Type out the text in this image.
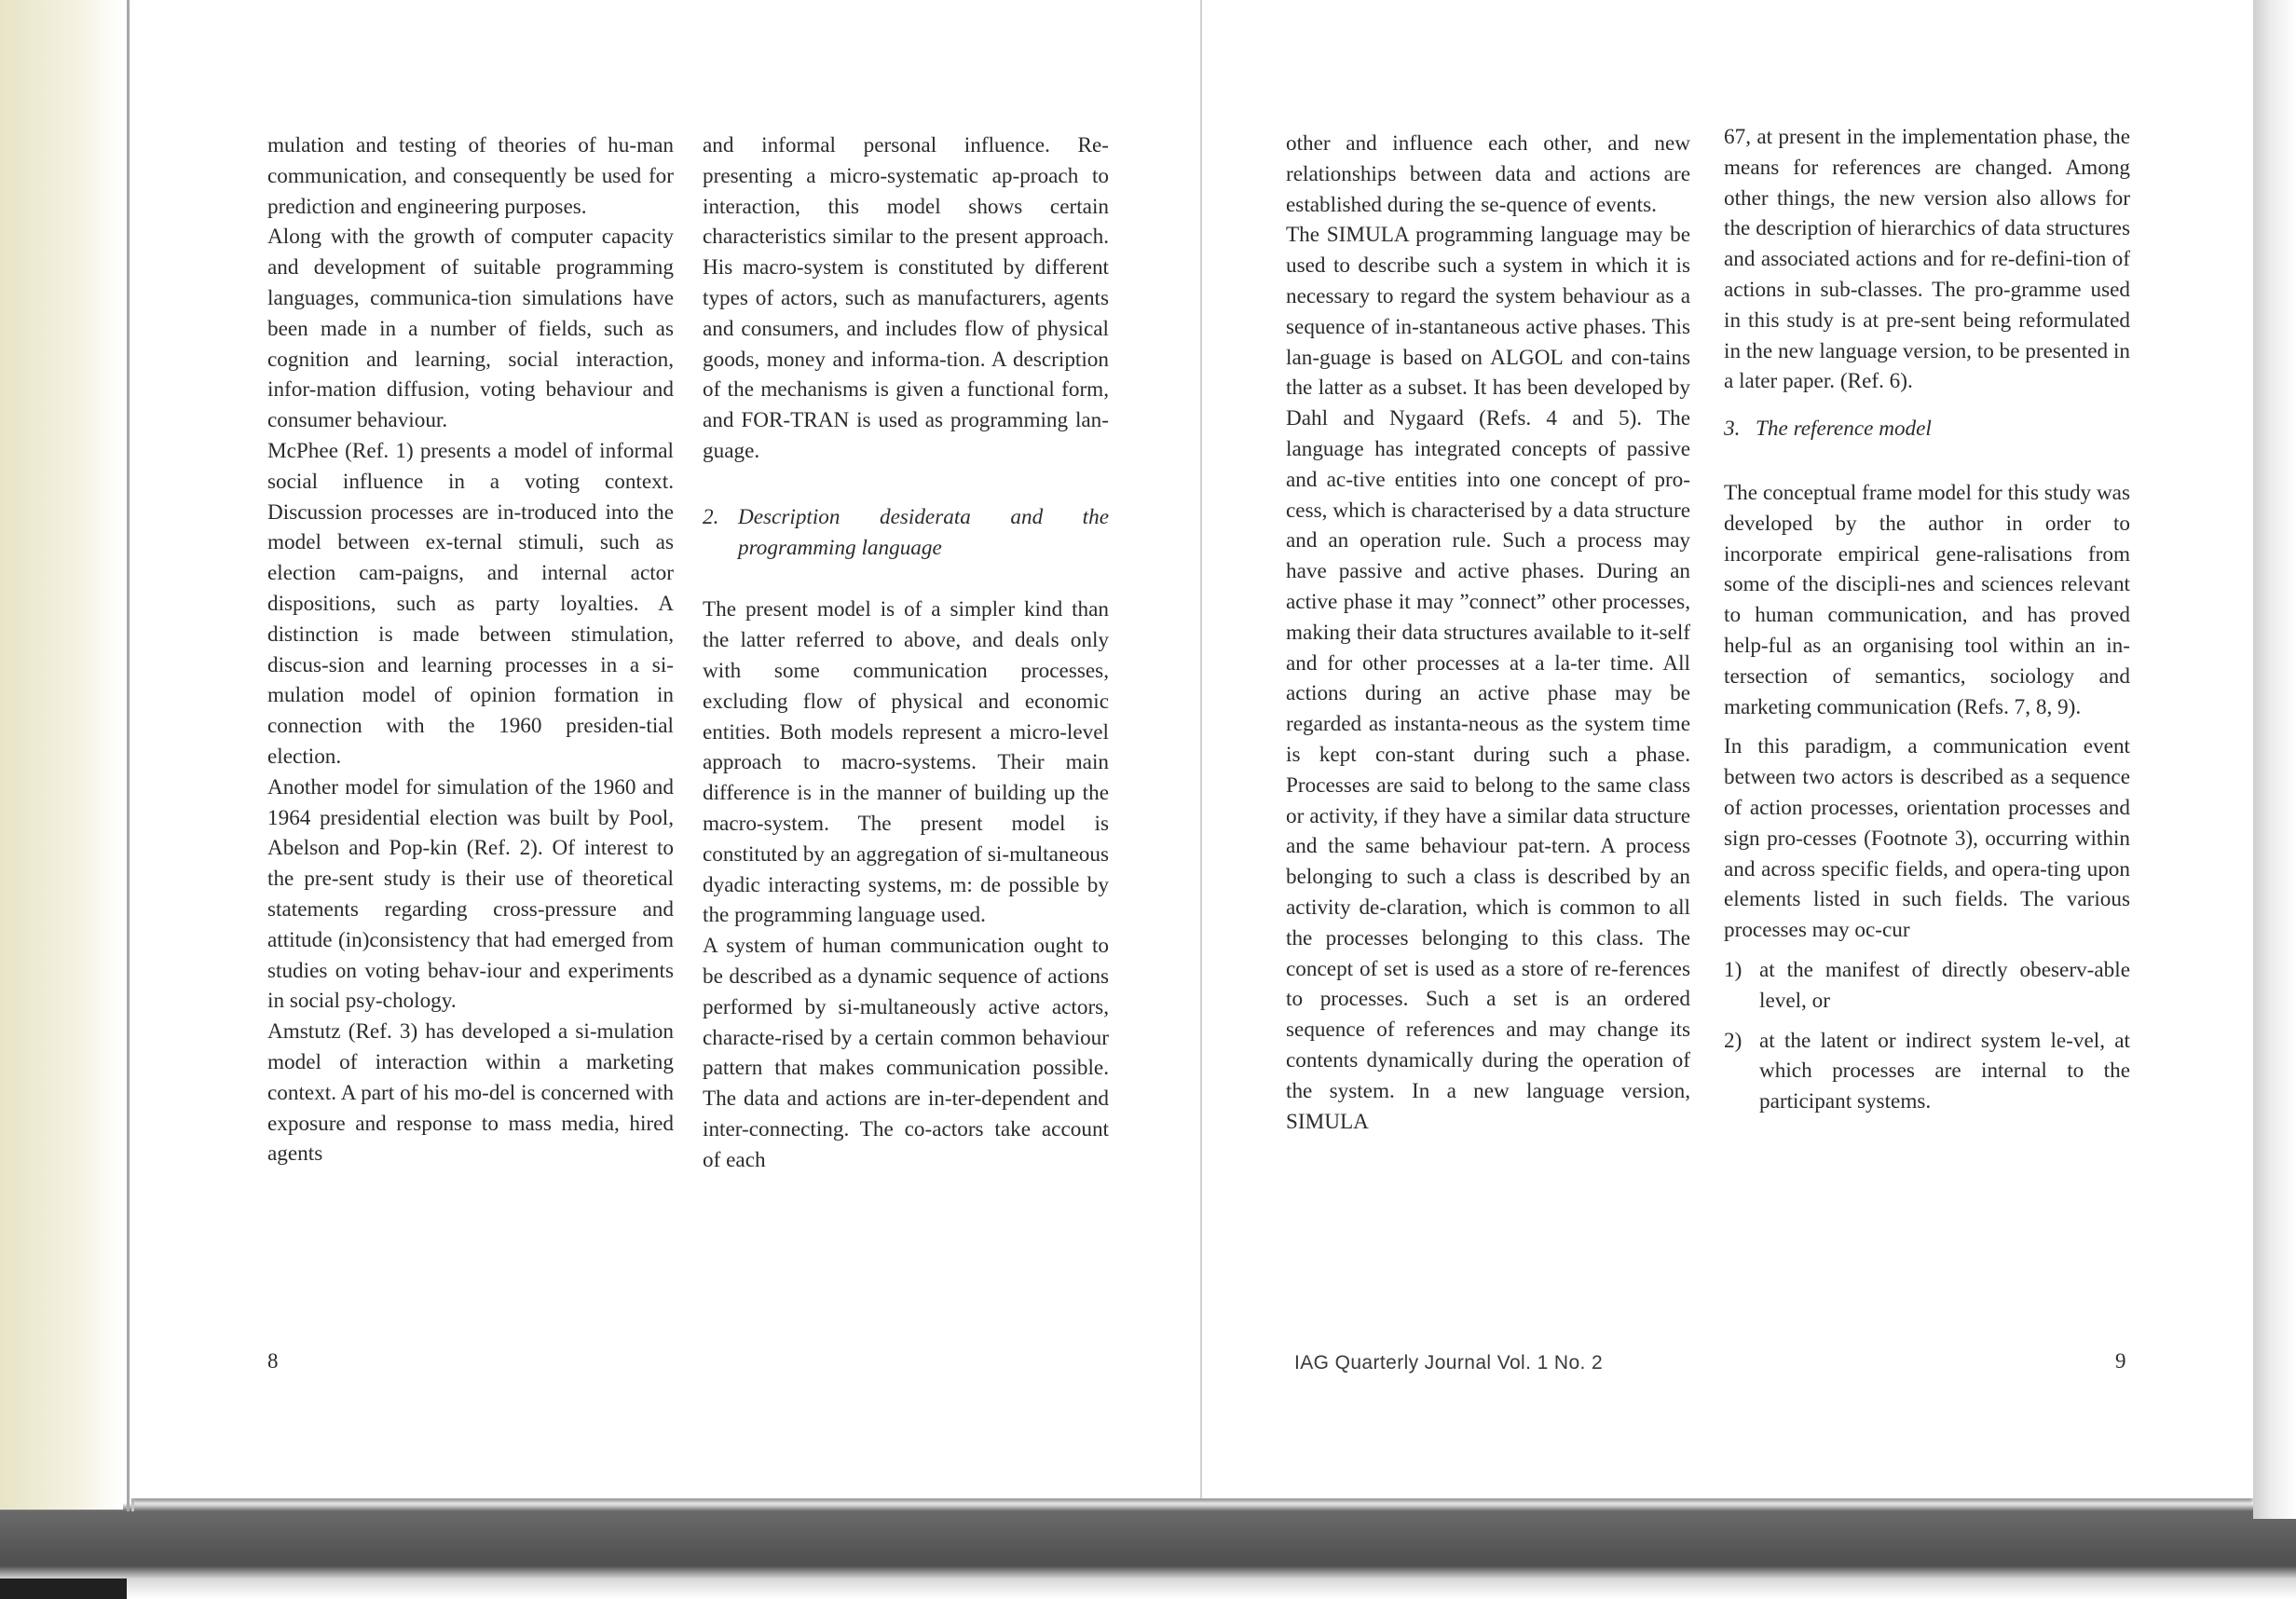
mulation and testing of theories of hu-man communication, and consequently be used for prediction and engineering purposes.

Along with the growth of computer capacity and development of suitable programming languages, communica-tion simulations have been made in a number of fields, such as cognition and learning, social interaction, infor-mation diffusion, voting behaviour and consumer behaviour.

McPhee (Ref. 1) presents a model of informal social influence in a voting context. Discussion processes are in-troduced into the model between ex-ternal stimuli, such as election cam-paigns, and internal actor dispositions, such as party loyalties. A distinction is made between stimulation, discus-sion and learning processes in a si-mulation model of opinion formation in connection with the 1960 presiden-tial election.

Another model for simulation of the 1960 and 1964 presidential election was built by Pool, Abelson and Pop-kin (Ref. 2). Of interest to the pre-sent study is their use of theoretical statements regarding cross-pressure and attitude (in)consistency that had emerged from studies on voting behav-iour and experiments in social psy-chology.

Amstutz (Ref. 3) has developed a si-mulation model of interaction within a marketing context. A part of his mo-del is concerned with exposure and response to mass media, hired agents

and informal personal influence. Re-presenting a micro-systematic ap-proach to interaction, this model shows certain characteristics similar to the present approach. His macro-system is constituted by different types of actors, such as manufacturers, agents and consumers, and includes flow of physical goods, money and informa-tion. A description of the mechanisms is given a functional form, and FOR-TRAN is used as programming lan-guage.

2. Description desiderata and the programming language

The present model is of a simpler kind than the latter referred to above, and deals only with some communication processes, excluding flow of physical and economic entities. Both models represent a micro-level approach to macro-systems. Their main difference is in the manner of building up the macro-system. The present model is constituted by an aggregation of si-multaneous dyadic interacting systems, m: de possible by the programming language used.

A system of human communication ought to be described as a dynamic sequence of actions performed by si-multaneously active actors, characte-rised by a certain common behaviour pattern that makes communication possible. The data and actions are in-ter-dependent and inter-connecting. The co-actors take account of each

8

other and influence each other, and new relationships between data and actions are established during the se-quence of events.

The SIMULA programming language may be used to describe such a system in which it is necessary to regard the system behaviour as a sequence of in-stantaneous active phases. This lan-guage is based on ALGOL and con-tains the latter as a subset. It has been developed by Dahl and Nygaard (Refs. 4 and 5). The language has integrated concepts of passive and ac-tive entities into one concept of pro-cess, which is characterised by a data structure and an operation rule. Such a process may have passive and active phases. During an active phase it may ”connect” other processes, making their data structures available to it-self and for other processes at a la-ter time. All actions during an active phase may be regarded as instanta-neous as the system time is kept con-stant during such a phase. Processes are said to belong to the same class or activity, if they have a similar data structure and the same behaviour pat-tern. A process belonging to such a class is described by an activity de-claration, which is common to all the processes belonging to this class. The concept of set is used as a store of re-ferences to processes. Such a set is an ordered sequence of references and may change its contents dynamically during the operation of the system. In a new language version, SIMULA

67, at present in the implementation phase, the means for references are changed. Among other things, the new version also allows for the description of hierarchics of data structures and associated actions and for re-defini-tion of actions in sub-classes. The pro-gramme used in this study is at pre-sent being reformulated in the new language version, to be presented in a later paper. (Ref. 6).

3. The reference model

The conceptual frame model for this study was developed by the author in order to incorporate empirical gene-ralisations from some of the discipli-nes and sciences relevant to human communication, and has proved help-ful as an organising tool within an in-tersection of semantics, sociology and marketing communication (Refs. 7, 8, 9).

In this paradigm, a communication event between two actors is described as a sequence of action processes, orientation processes and sign pro-cesses (Footnote 3), occurring within and across specific fields, and opera-ting upon elements listed in such fields. The various processes may oc-cur

1) at the manifest of directly obeserv-able level, or

2) at the latent or indirect system le-vel, at which processes are internal to the participant systems.

IAG Quarterly Journal Vol. 1 No. 2	9
